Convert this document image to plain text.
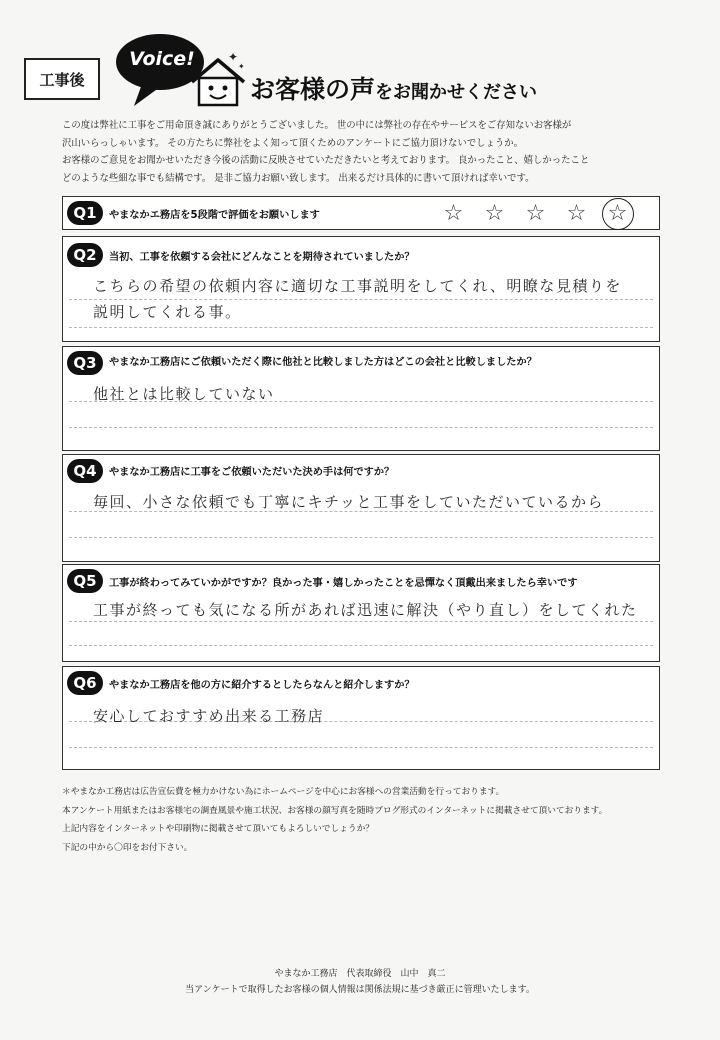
工事後
Voice!	✦
✦
お客様の声をお聞かせください

この度は弊社に工事をご用命頂き誠にありがとうございました。 世の中には弊社の存在やサービスをご存知ないお客様が

沢山いらっしゃいます。 その方たちに弊社をよく知って頂くためのアンケートにご協力頂けないでしょうか。

お客様のご意見をお聞かせいただき今後の活動に反映させていただきたいと考えております。 良かったこと、嬉しかったこと

どのような些細な事でも結構です。 是非ご協力お願い致します。 出来るだけ具体的に書いて頂ければ幸いです。

Q1	やまなかエ務店を5段階で評価をお願いします	☆ ☆ ☆ ☆ ☆
Q2	当初、工事を依頼する会社にどんなことを期待されていましたか？
こちらの希望の依頼内容に適切な工事説明をしてくれ、明瞭な見積りを
説明してくれる事。
Q3	やまなか工務店にご依頼いただく際に他社と比較しました方はどこの会社と比較しましたか？
他社とは比較していない
Q4	やまなか工務店に工事をご依頼いただいた決め手は何ですか？
毎回、小さな依頼でも丁寧にキチッと工事をしていただいているから
Q5	工事が終わってみていかがですか？良かった事・嬉しかったことを忌憚なく頂戴出来ましたら幸いです
工事が終っても気になる所があれば迅速に解決（やり直し）をしてくれた
Q6	やまなか工務店を他の方に紹介するとしたらなんと紹介しますか？
安心しておすすめ出来る工務店

＊やまなか工務店は広告宣伝費を極力かけない為にホームページを中心にお客様への営業活動を行っております。

本アンケート用紙またはお客様宅の調査風景や施工状況、お客様の顔写真を随時ブログ形式のインターネットに掲載させて頂いております。

上記内容をインターネットや印刷物に掲載させて頂いてもよろしいでしょうか？

下記の中から〇印をお付下さい。

やまなか工務店　代表取締役　山中　真二
当アンケートで取得したお客様の個人情報は関係法規に基づき厳正に管理いたします。
